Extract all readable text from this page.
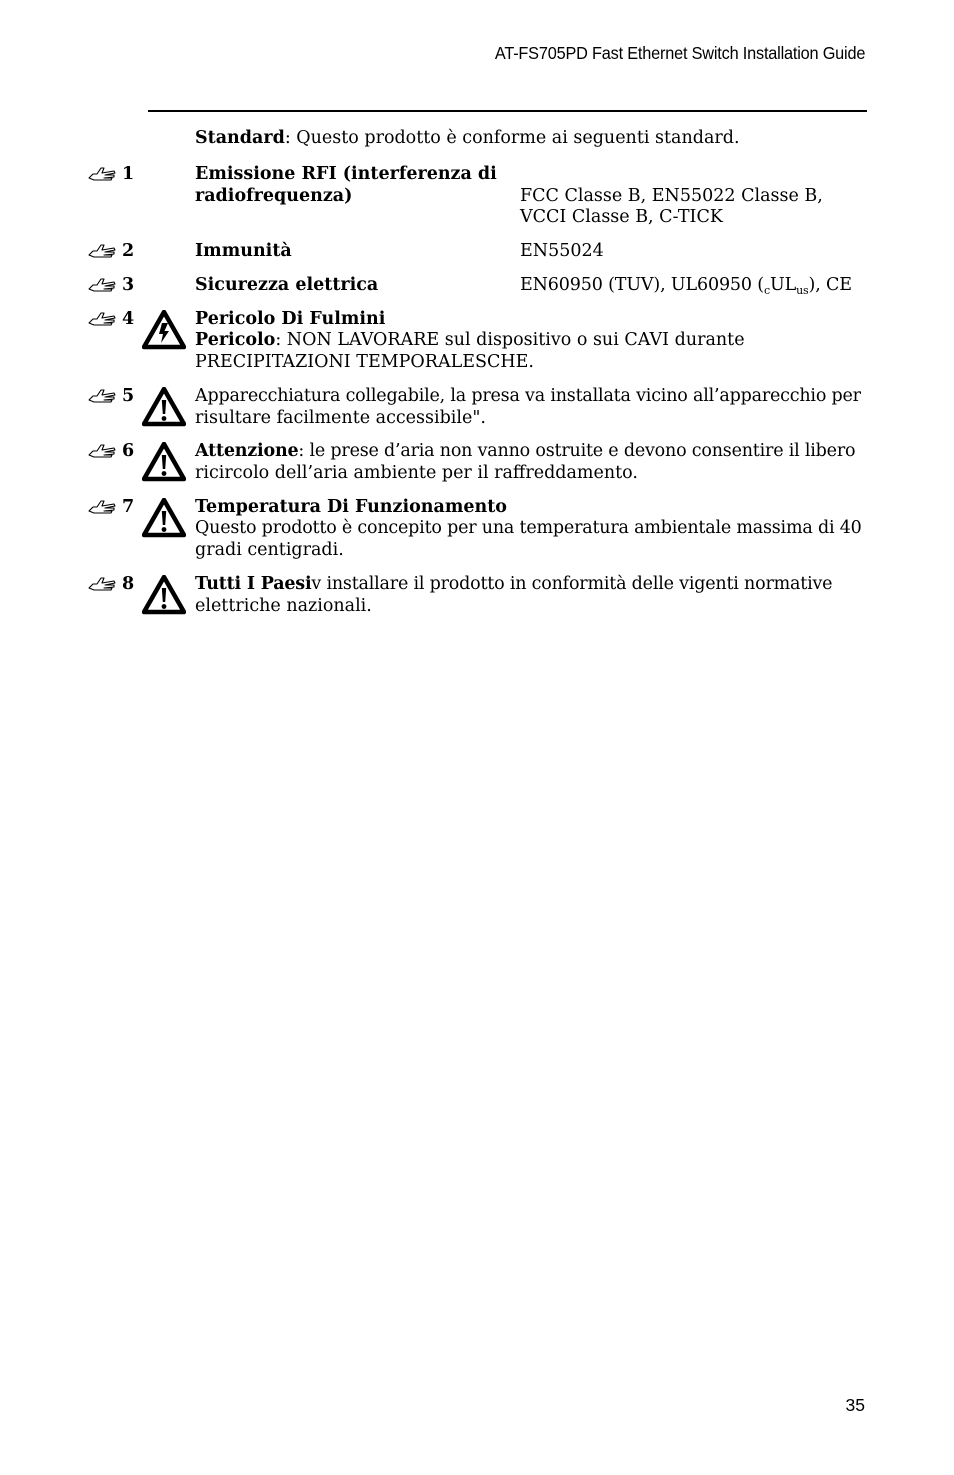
AT-FS705PD Fast Ethernet Switch Installation Guide
Standard: Questo prodotto è conforme ai seguenti standard.
1	Emissione RFI (interferenza di
radiofrequenza)	FCC Classe B, EN55022 Classe B,
VCCI Classe B, C-TICK
2	Immunità	EN55024
3	Sicurezza elettrica	EN60950 (TUV), UL60950 $(_cUL_{us})$, CE
4	Pericolo Di Fulmini
Pericolo: NON LAVORARE sul dispositivo o sui CAVI durante
PRECIPITAZIONI TEMPORALESCHE.
5	Apparecchiatura collegabile, la presa va installata vicino all’apparecchio per
risultare facilmente accessibile".
6	Attenzione: le prese d’aria non vanno ostruite e devono consentire il libero
ricircolo dell’aria ambiente per il raffreddamento.
7	Temperatura Di Funzionamento
Questo prodotto è concepito per una temperatura ambientale massima di 40
gradi centigradi.
8	Tutti I Paesiv installare il prodotto in conformità delle vigenti normative
elettriche nazionali.
35
